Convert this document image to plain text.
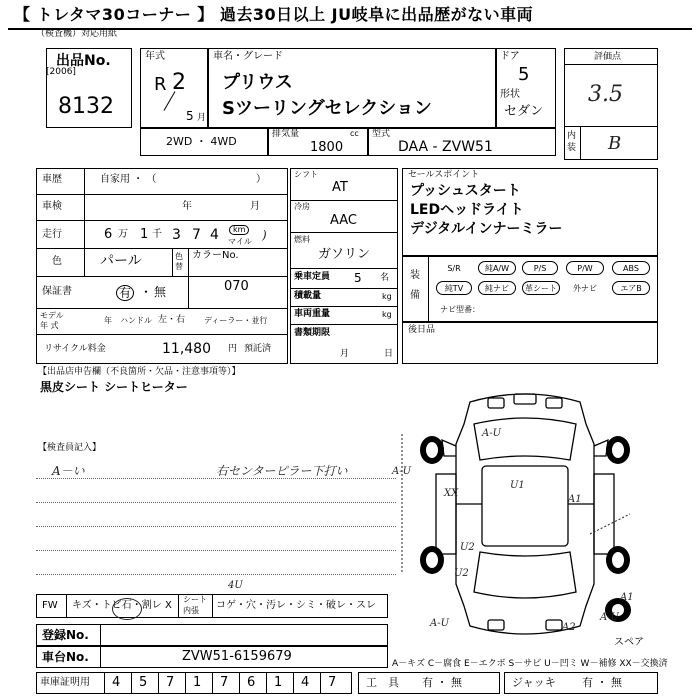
【 トレタマ30コーナー 】 過去30日以上 JU岐阜に出品歴がない車両
（検査機）対応用紙
出品No.
[2006]
8132
年式
R 2
5 月
車名・グレード
プリウス
Sツーリングセレクション
ドア
5
形状
セダン
評価点
3.5
内装 B
2WD ・ 4WD
排気量	cc
1800
型式
DAA - ZVW51
車歴	自家用 ・ （	）
車検	年	月
走行	6 万 1 千 3 7 4	km
マイル )
色	パール	色替
カラーNo.
保証書	有 ・ 無	070
モデル
年 式
年 ハンドル 左・右 ディーラー・並行
リサイクル料金	11,480 円 預託済
シフト
AT
冷房
AAC
燃料
ガソリン
乗車定員 5 名
積載量	kg
車両重量	kg
書類期限
月	日
セールスポイント
プッシュスタート
LEDヘッドライト
デジタルインナーミラー
装備
S/R	純A/W	P/S	P/W	ABS
純TV	純ナビ	革シート	外ナビ	エアB
ナビ型番：
後日品
【出品店申告欄（不良箇所・欠品・注意事項等）】
黒皮シート シートヒーター
【検査員記入】
A－い	右センターピラー下打い
A-U
U1
U2
XX
A1
A-U
A1
A2
A-U
U2
A-U
スペア
FW キズ・トビ石・割レ X
シート
内張 コゲ・穴・汚レ・シミ・破レ・スレ
4U
登録No.
車台No.	ZVW51-6159679	A－キズ C－腐食 E－エクボ S－サビ U－凹ミ W－補修 XX－交換済
車庫証明用 4 5 7 1 7 6 1 4 7	工　具 有 ・ 無	ジャッキ 有 ・ 無
